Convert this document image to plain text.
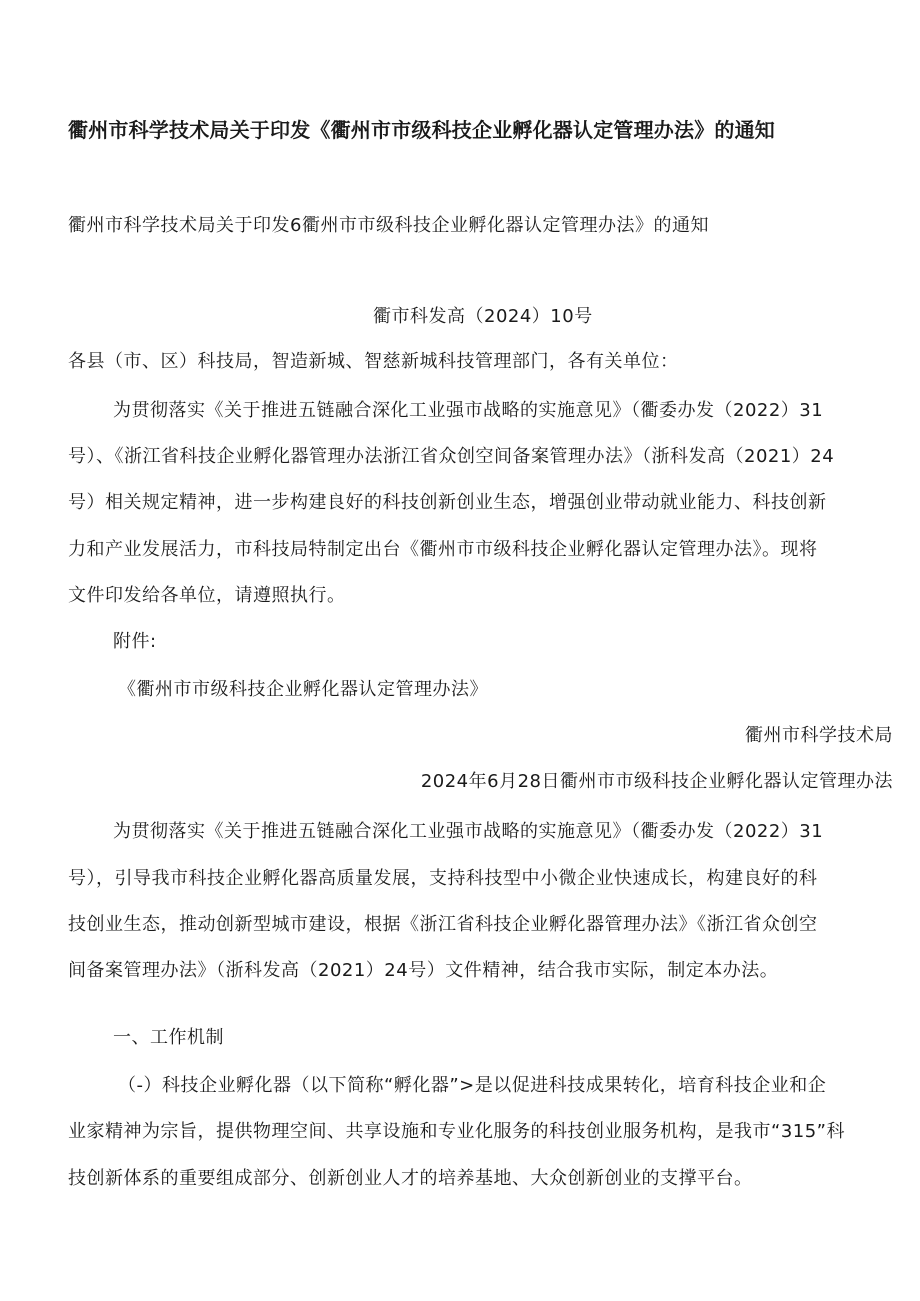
衢州市科学技术局关于印发《衢州市市级科技企业孵化器认定管理办法》的通知
衢州市科学技术局关于印发6衢州市市级科技企业孵化器认定管理办法》的通知
衢市科发高（2024）10号
各县（市、区）科技局，智造新城、智慈新城科技管理部门，各有关单位：
为贯彻落实《关于推进五链融合深化工业强市战略的实施意见》（衢委办发（2022）31
号）、《浙江省科技企业孵化器管理办法浙江省众创空间备案管理办法》（浙科发高（2021）24
号）相关规定精神，进一步构建良好的科技创新创业生态，增强创业带动就业能力、科技创新
力和产业发展活力，市科技局特制定出台《衢州市市级科技企业孵化器认定管理办法》。现将
文件印发给各单位，请遵照执行。
附件:
《衢州市市级科技企业孵化器认定管理办法》
衢州市科学技术局
2024年6月28日衢州市市级科技企业孵化器认定管理办法
为贯彻落实《关于推进五链融合深化工业强市战略的实施意见》（衢委办发（2022）31
号），引导我市科技企业孵化器高质量发展，支持科技型中小微企业快速成长，构建良好的科
技创业生态，推动创新型城市建设，根据《浙江省科技企业孵化器管理办法》《浙江省众创空
间备案管理办法》（浙科发高（2021）24号）文件精神，结合我市实际，制定本办法。
一、工作机制
（-）科技企业孵化器（以下简称“孵化器”>是以促进科技成果转化，培育科技企业和企
业家精神为宗旨，提供物理空间、共享设施和专业化服务的科技创业服务机构，是我市“315”科
技创新体系的重要组成部分、创新创业人才的培养基地、大众创新创业的支撑平台。
